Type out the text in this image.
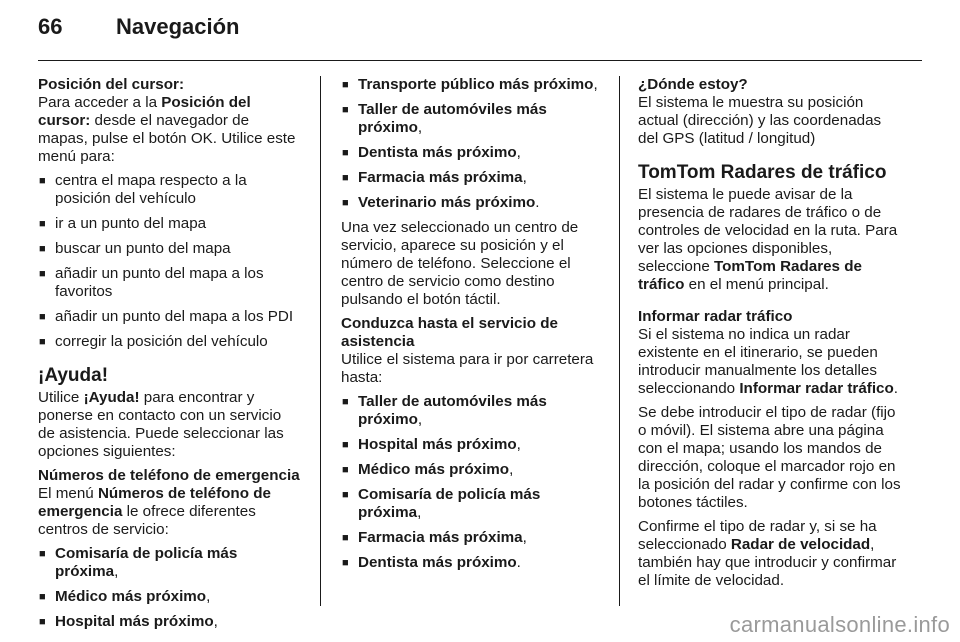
66	Navegación
Posición del cursor:

Para acceder a la Posición del cursor: desde el navegador de mapas, pulse el botón OK. Utilice este menú para:

■ centra el mapa respecto a la posición del vehículo
■ ir a un punto del mapa
■ buscar un punto del mapa
■ añadir un punto del mapa a los favoritos
■ añadir un punto del mapa a los PDI
■ corregir la posición del vehículo
¡Ayuda!

Utilice ¡Ayuda! para encontrar y ponerse en contacto con un servicio de asistencia. Puede seleccionar las opciones siguientes:

Números de teléfono de emergencia

El menú Números de teléfono de emergencia le ofrece diferentes centros de servicio:

■ Comisaría de policía más próxima,
■ Médico más próximo,
■ Hospital más próximo,
■ Transporte público más próximo,
■ Taller de automóviles más próximo,
■ Dentista más próximo,
■ Farmacia más próxima,
■ Veterinario más próximo.

Una vez seleccionado un centro de servicio, aparece su posición y el número de teléfono. Seleccione el centro de servicio como destino pulsando el botón táctil.

Conduzca hasta el servicio de asistencia

Utilice el sistema para ir por carretera hasta:

■ Taller de automóviles más próximo,
■ Hospital más próximo,
■ Médico más próximo,
■ Comisaría de policía más próxima,
■ Farmacia más próxima,
■ Dentista más próximo.
¿Dónde estoy?

El sistema le muestra su posición actual (dirección) y las coordenadas del GPS (latitud / longitud)

TomTom Radares de tráfico

El sistema le puede avisar de la presencia de radares de tráfico o de controles de velocidad en la ruta. Para ver las opciones disponibles, seleccione TomTom Radares de tráfico en el menú principal.

Informar radar tráfico

Si el sistema no indica un radar existente en el itinerario, se pueden introducir manualmente los detalles seleccionando Informar radar tráfico.

Se debe introducir el tipo de radar (fijo o móvil). El sistema abre una página con el mapa; usando los mandos de dirección, coloque el marcador rojo en la posición del radar y confirme con los botones táctiles.

Confirme el tipo de radar y, si se ha seleccionado Radar de velocidad, también hay que introducir y confirmar el límite de velocidad.

carmanualsonline.info
